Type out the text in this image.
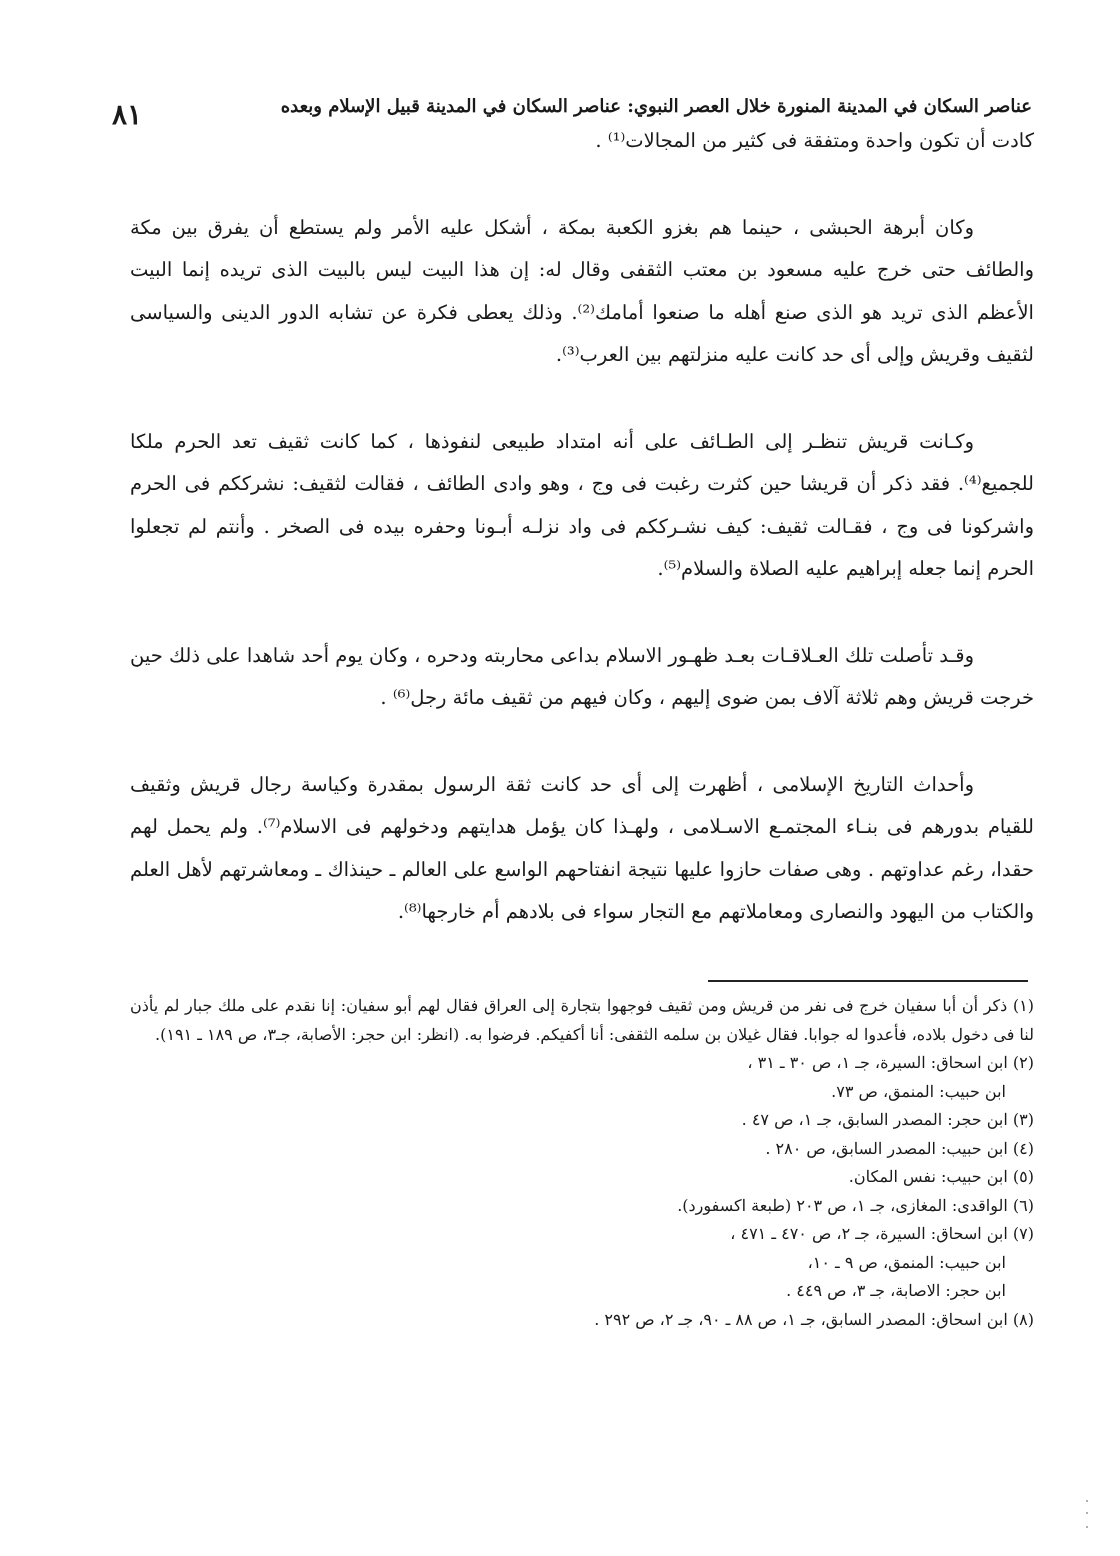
٨١	عناصر السكان في المدينة المنورة خلال العصر النبوي: عناصر السكان في المدينة قبيل الإسلام وبعده

كادت أن تكون واحدة ومتفقة فى كثير من المجالات⁽¹⁾ .

وكان أبرهة الحبشى ، حينما هم بغزو الكعبة بمكة ، أشكل عليه الأمر ولم يستطع أن يفرق بين مكة والطائف حتى خرج عليه مسعود بن معتب الثقفى وقال له: إن هذا البيت ليس بالبيت الذى تريده إنما البيت الأعظم الذى تريد هو الذى صنع أهله ما صنعوا أمامك⁽²⁾. وذلك يعطى فكرة عن تشابه الدور الدينى والسياسى لثقيف وقريش وإلى أى حد كانت عليه منزلتهم بين العرب⁽³⁾.

وكـانت قريش تنظـر إلى الطـائف على أنه امتداد طبيعى لنفوذها ، كما كانت ثقيف تعد الحرم ملكا للجميع⁽⁴⁾. فقد ذكر أن قريشا حين كثرت رغبت فى وج ، وهو وادى الطائف ، فقالت لثقيف: نشرككم فى الحرم واشركونا فى وج ، فقـالت ثقيف: كيف نشـرككم فى واد نزلـه أبـونا وحفره بيده فى الصخر . وأنتم لم تجعلوا الحرم إنما جعله إبراهيم عليه الصلاة والسلام⁽⁵⁾.

وقـد تأصلت تلك العـلاقـات بعـد ظهـور الاسلام بداعى محاربته ودحره ، وكان يوم أحد شاهدا على ذلك حين خرجت قريش وهم ثلاثة آلاف بمن ضوى إليهم ، وكان فيهم من ثقيف مائة رجل⁽⁶⁾ .

وأحداث التاريخ الإسلامى ، أظهرت إلى أى حد كانت ثقة الرسول بمقدرة وكياسة رجال قريش وثقيف للقيام بدورهم فى بنـاء المجتمـع الاسـلامى ، ولهـذا كان يؤمل هدايتهم ودخولهم فى الاسلام⁽⁷⁾. ولم يحمل لهم حقدا، رغم عداوتهم . وهى صفات حازوا عليها نتيجة انفتاحهم الواسع على العالم ـ حينذاك ـ ومعاشرتهم لأهل العلم والكتاب من اليهود والنصارى ومعاملاتهم مع التجار سواء فى بلادهم أم خارجها⁽⁸⁾.

(١) ذكر أن أبا سفيان خرج فى نفر من قريش ومن ثقيف فوجهوا بتجارة إلى العراق فقال لهم أبو سفيان: إنا نقدم على ملك جبار لم يأذن لنا فى دخول بلاده، فأعدوا له جوابا. فقال غيلان بن سلمه الثقفى: أنا أكفيكم. فرضوا به. (انظر: ابن حجر: الأصابة، جـ٣، ص ١٨٩ ـ ١٩١).

(٢) ابن اسحاق: السيرة، جـ ١، ص ٣٠ ـ ٣١ ،

ابن حبيب: المنمق، ص ٧٣.

(٣) ابن حجر: المصدر السابق، جـ ١، ص ٤٧ .

(٤) ابن حبيب: المصدر السابق، ص ٢٨٠ .

(٥) ابن حبيب: نفس المكان.

(٦) الواقدى: المغازى، جـ ١، ص ٢٠٣ (طبعة اكسفورد).

(٧) ابن اسحاق: السيرة، جـ ٢، ص ٤٧٠ ـ ٤٧١ ،

ابن حبيب: المنمق، ص ٩ ـ ١٠،

ابن حجر: الاصابة، جـ ٣، ص ٤٤٩ .

(٨) ابن اسحاق: المصدر السابق، جـ ١، ص ٨٨ ـ ٩٠، جـ ٢، ص ٢٩٢ .
